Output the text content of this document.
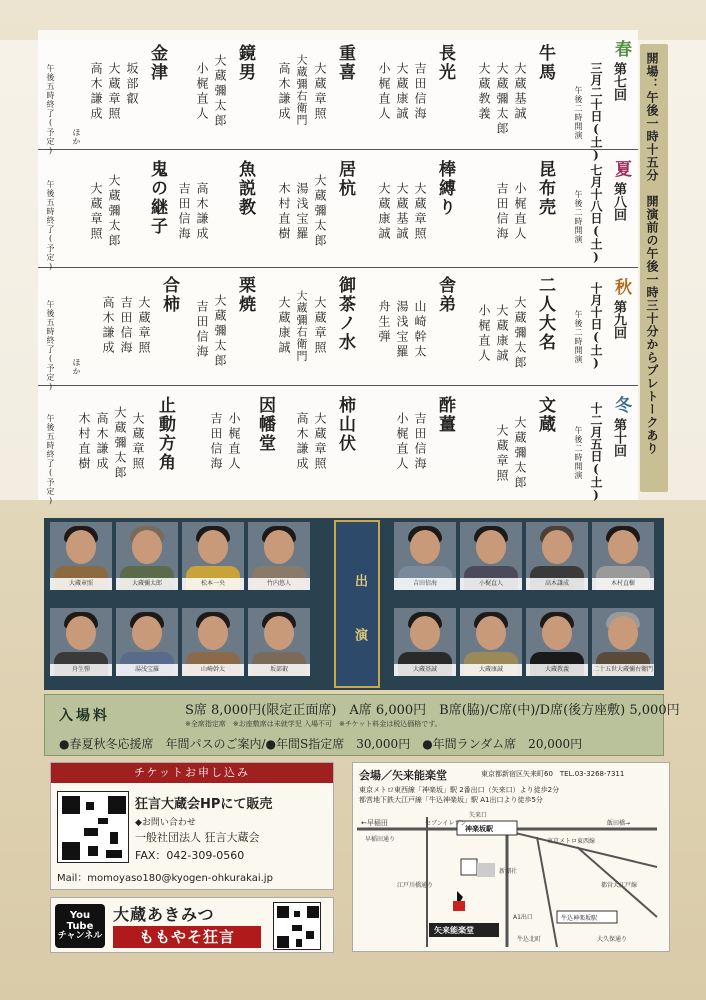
開場：午後一時十五分　開演前の午後一時三十分からプレトークあり
春
第七回
三月二十日(土)
午後二時開演
牛馬
大蔵基誠
大蔵彌太郎
大蔵教義
長光
吉田信海
大蔵康誠
小梶直人
重喜
大蔵章照
大蔵彌右衛門
高木謙成
鏡男
大蔵彌太郎
小梶直人
金津
坂部叡
大蔵章照
高木謙成
ほか
午後五時終了(予定)
夏
第八回
七月十八日(土)
午後二時開演
昆布売
小梶直人
吉田信海
棒縛り
大蔵章照
大蔵基誠
大蔵康誠
居杭
大蔵彌太郎
湯浅宝羅
木村直樹
魚説教
高木謙成
吉田信海
鬼の継子
大蔵彌太郎
大蔵章照
午後五時終了(予定)
秋
第九回
十月十日(土)
午後二時開演
二人大名
大蔵彌太郎
大蔵康誠
小梶直人
舎弟
山崎幹太
湯浅宝羅
舟生弾
御茶ノ水
大蔵章照
大蔵彌右衛門
大蔵康誠
栗焼
大蔵彌太郎
吉田信海
合柿
大蔵章照
吉田信海
高木謙成
ほか
午後五時終了(予定)
冬
第十回
十二月五日(土)
午後二時開演
文蔵
大蔵彌太郎
大蔵章照
酢薑
吉田信海
小梶直人
柿山伏
大蔵章照
高木謙成
因幡堂
小梶直人
吉田信海
止動方角
大蔵章照
大蔵彌太郎
高木謙成
木村直樹
午後五時終了(予定)
出　演
大蔵章照	大蔵彌太郎	松本一央	竹内悠人	吉田信海	小梶直人	高木謙成	木村直樹
舟生弾	湯浅宝羅	山崎幹太	坂部叡	大蔵基誠	大蔵康誠	大蔵教義	二十五世大蔵彌右衛門
入場料	S席 8,000円(限定正面席)　A席 6,000円　B席(脇)/C席(中)/D席(後方座敷) 5,000円
※全席指定席　※お座敷席は未就学児 入場不可　※チケット料金は税込価格です。
●春夏秋冬応援席　年間パスのご案内/●年間S指定席　30,000円　●年間ランダム席　20,000円
チケットお申し込み
狂言大蔵会HPにて販売
◆お問い合わせ
一般社団法人 狂言大蔵会
FAX：042-309-0560
Mail：momoyaso180@kyogen-ohkurakai.jp
You Tube
チャンネル
大蔵あきみつ
ももやそ狂言
会場／矢来能楽堂	東京都新宿区矢来町60　TEL.03-3268-7311
東京メトロ東西線「神楽坂」駅 2番出口（矢来口）より徒歩2分
都営地下鉄大江戸線「牛込神楽坂」駅 A1出口より徒歩5分
←早稲田	セブンイレブン
神楽坂駅
矢来口
飯田橋→
早稲田通り	東京メトロ東西線
新潮社
江戸川橋通り
矢来能楽堂
都営大江戸線
A1出口	牛込神楽坂駅
牛込北町	大久保通り
